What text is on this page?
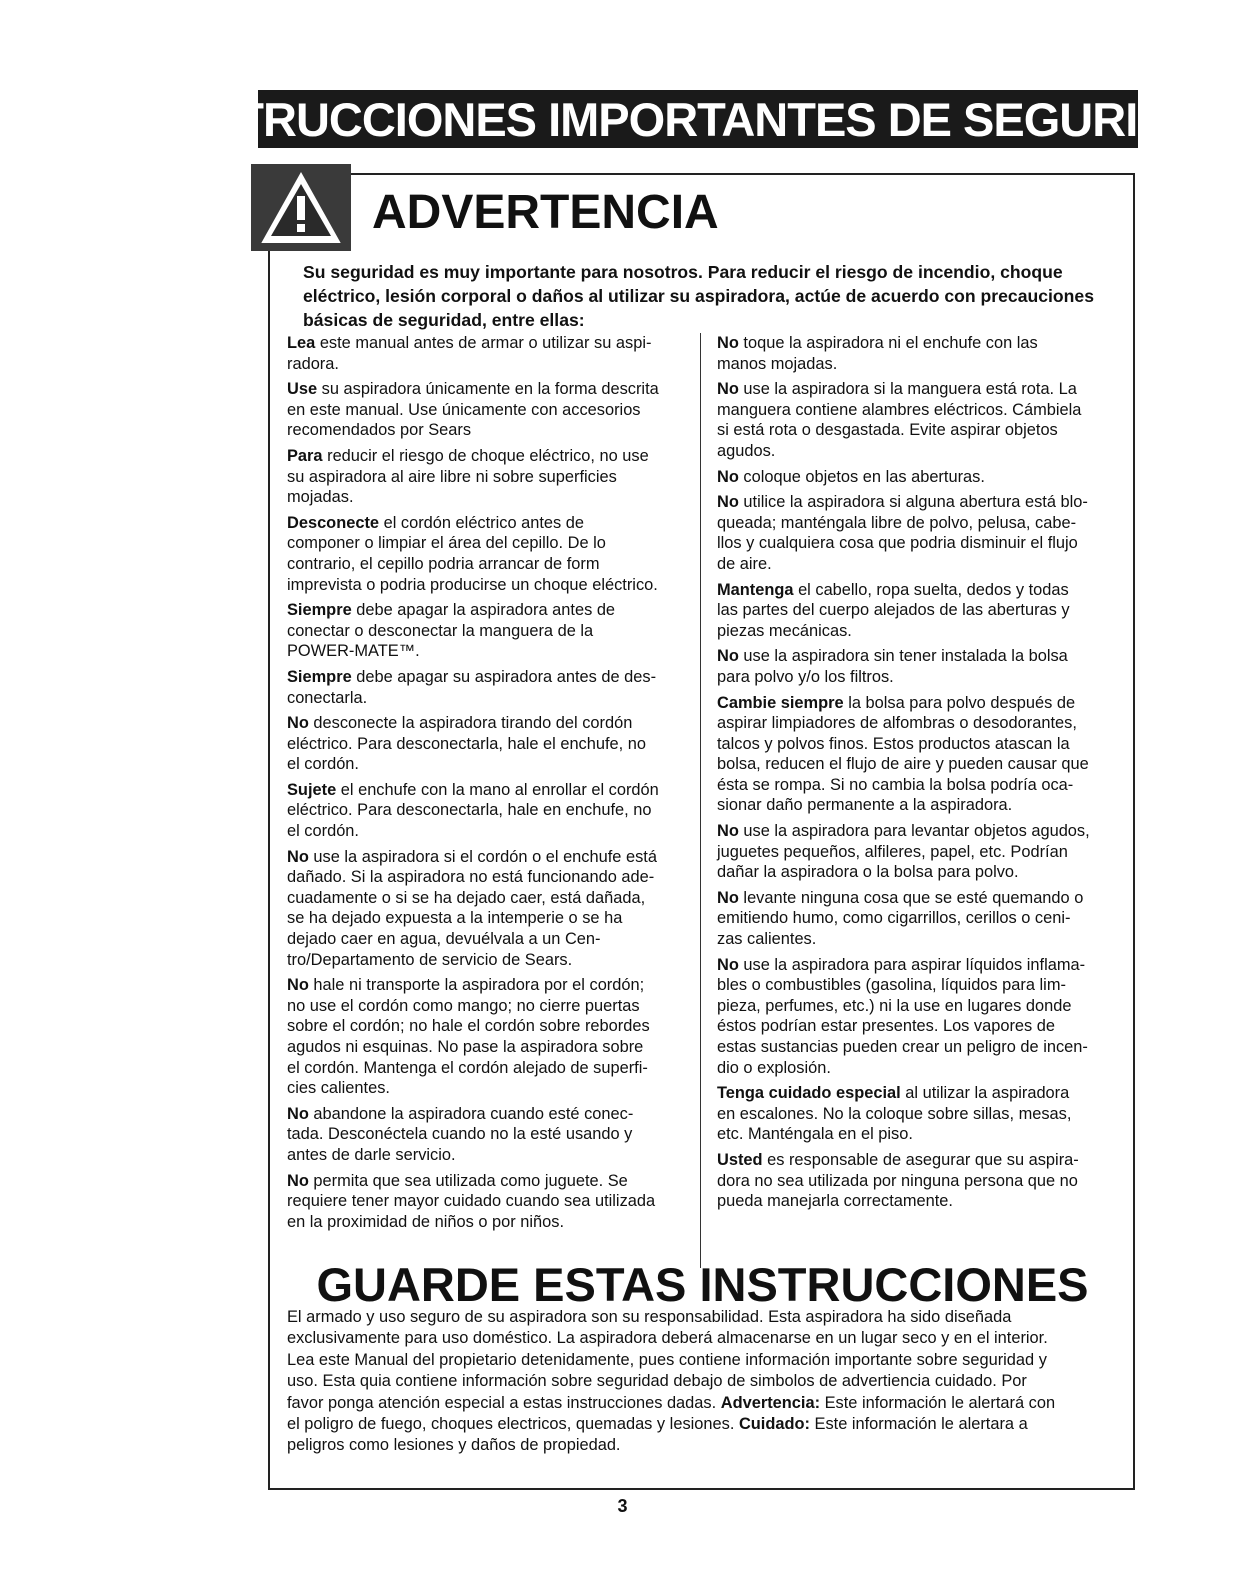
INSTRUCCIONES IMPORTANTES DE SEGURIDAD
ADVERTENCIA
Su seguridad es muy importante para nosotros. Para reducir el riesgo de incendio, choque
eléctrico, lesión corporal o daños al utilizar su aspiradora, actúe de acuerdo con precauciones
básicas de seguridad, entre ellas:
Lea este manual antes de armar o utilizar su aspi-
radora.
Use su aspiradora únicamente en la forma descrita
en este manual. Use únicamente con accesorios
recomendados por Sears
Para reducir el riesgo de choque eléctrico, no use
su aspiradora al aire libre ni sobre superficies
mojadas.
Desconecte el cordón eléctrico antes de
componer o limpiar el área del cepillo. De lo
contrario, el cepillo podria arrancar de form
imprevista o podria producirse un choque eléctrico.
Siempre debe apagar la aspiradora antes de
conectar o desconectar la manguera de la
POWER-MATE™.
Siempre debe apagar su aspiradora antes de des-
conectarla.
No desconecte la aspiradora tirando del cordón
eléctrico. Para desconectarla, hale el enchufe, no
el cordón.
Sujete el enchufe con la mano al enrollar el cordón
eléctrico. Para desconectarla, hale en enchufe, no
el cordón.
No use la aspiradora si el cordón o el enchufe está
dañado. Si la aspiradora no está funcionando ade-
cuadamente o si se ha dejado caer, está dañada,
se ha dejado expuesta a la intemperie o se ha
dejado caer en agua, devuélvala a un Cen-
tro/Departamento de servicio de Sears.
No hale ni transporte la aspiradora por el cordón;
no use el cordón como mango; no cierre puertas
sobre el cordón; no hale el cordón sobre rebordes
agudos ni esquinas. No pase la aspiradora sobre
el cordón. Mantenga el cordón alejado de superfi-
cies calientes.
No abandone la aspiradora cuando esté conec-
tada. Desconéctela cuando no la esté usando y
antes de darle servicio.
No permita que sea utilizada como juguete. Se
requiere tener mayor cuidado cuando sea utilizada
en la proximidad de niños o por niños.
No toque la aspiradora ni el enchufe con las
manos mojadas.
No use la aspiradora si la manguera está rota. La
manguera contiene alambres eléctricos. Cámbiela
si está rota o desgastada. Evite aspirar objetos
agudos.
No coloque objetos en las aberturas.
No utilice la aspiradora si alguna abertura está blo-
queada; manténgala libre de polvo, pelusa, cabe-
llos y cualquiera cosa que podria disminuir el flujo
de aire.
Mantenga el cabello, ropa suelta, dedos y todas
las partes del cuerpo alejados de las aberturas y
piezas mecánicas.
No use la aspiradora sin tener instalada la bolsa
para polvo y/o los filtros.
Cambie siempre la bolsa para polvo después de
aspirar limpiadores de alfombras o desodorantes,
talcos y polvos finos. Estos productos atascan la
bolsa, reducen el flujo de aire y pueden causar que
ésta se rompa. Si no cambia la bolsa podría oca-
sionar daño permanente a la aspiradora.
No use la aspiradora para levantar objetos agudos,
juguetes pequeños, alfileres, papel, etc. Podrían
dañar la aspiradora o la bolsa para polvo.
No levante ninguna cosa que se esté quemando o
emitiendo humo, como cigarrillos, cerillos o ceni-
zas calientes.
No use la aspiradora para aspirar líquidos inflama-
bles o combustibles (gasolina, líquidos para lim-
pieza, perfumes, etc.) ni la use en lugares donde
éstos podrían estar presentes. Los vapores de
estas sustancias pueden crear un peligro de incen-
dio o explosión.
Tenga cuidado especial al utilizar la aspiradora
en escalones. No la coloque sobre sillas, mesas,
etc. Manténgala en el piso.
Usted es responsable de asegurar que su aspira-
dora no sea utilizada por ninguna persona que no
pueda manejarla correctamente.
GUARDE ESTAS INSTRUCCIONES
El armado y uso seguro de su aspiradora son su responsabilidad. Esta aspiradora ha sido diseñada
exclusivamente para uso doméstico. La aspiradora deberá almacenarse en un lugar seco y en el interior.
Lea este Manual del propietario detenidamente, pues contiene información importante sobre seguridad y
uso. Esta quia contiene información sobre seguridad debajo de simbolos de advertiencia cuidado. Por
favor ponga atención especial a estas instrucciones dadas. Advertencia: Este información le alertará con
el poligro de fuego, choques electricos, quemadas y lesiones. Cuidado: Este información le alertara a
peligros como lesiones y daños de propiedad.
3
